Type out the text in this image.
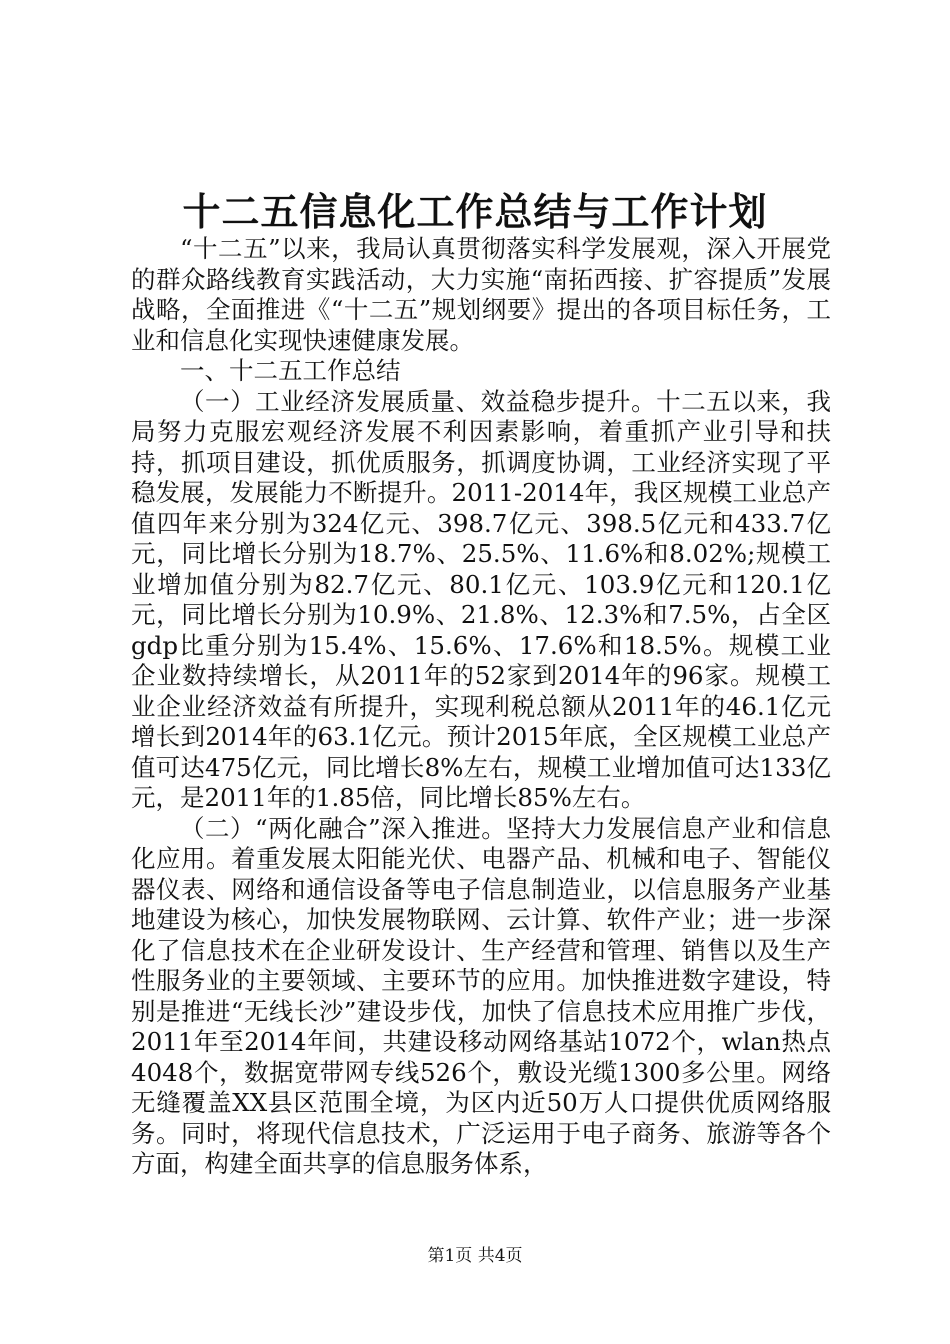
十二五信息化工作总结与工作计划

“十二五”以来，我局认真贯彻落实科学发展观，深入开展党的群众路线教育实践活动，大力实施“南拓西接、扩容提质”发展战略，全面推进《“十二五”规划纲要》提出的各项目标任务，工业和信息化实现快速健康发展。

一、十二五工作总结

（一）工业经济发展质量、效益稳步提升。十二五以来，我局努力克服宏观经济发展不利因素影响，着重抓产业引导和扶持，抓项目建设，抓优质服务，抓调度协调，工业经济实现了平稳发展，发展能力不断提升。2011-2014年，我区规模工业总产值四年来分别为324亿元、398.7亿元、398.5亿元和433.7亿元，同比增长分别为18.7%、25.5%、11.6%和8.02%;规模工业增加值分别为82.7亿元、80.1亿元、103.9亿元和120.1亿元，同比增长分别为10.9%、21.8%、12.3%和7.5%，占全区gdp比重分别为15.4%、15.6%、17.6%和18.5%。规模工业企业数持续增长，从2011年的52家到2014年的96家。规模工业企业经济效益有所提升，实现利税总额从2011年的46.1亿元增长到2014年的63.1亿元。预计2015年底，全区规模工业总产值可达475亿元，同比增长8%左右，规模工业增加值可达133亿元，是2011年的1.85倍，同比增长85%左右。

（二）“两化融合”深入推进。坚持大力发展信息产业和信息化应用。着重发展太阳能光伏、电器产品、机械和电子、智能仪器仪表、网络和通信设备等电子信息制造业，以信息服务产业基地建设为核心，加快发展物联网、云计算、软件产业；进一步深化了信息技术在企业研发设计、生产经营和管理、销售以及生产性服务业的主要领域、主要环节的应用。加快推进数字建设，特别是推进“无线长沙”建设步伐，加快了信息技术应用推广步伐，2011年至2014年间，共建设移动网络基站1072个，wlan热点4048个，数据宽带网专线526个，敷设光缆1300多公里。网络无缝覆盖XX县区范围全境，为区内近50万人口提供优质网络服务。同时，将现代信息技术，广泛运用于电子商务、旅游等各个方面，构建全面共享的信息服务体系，

第1页 共4页
